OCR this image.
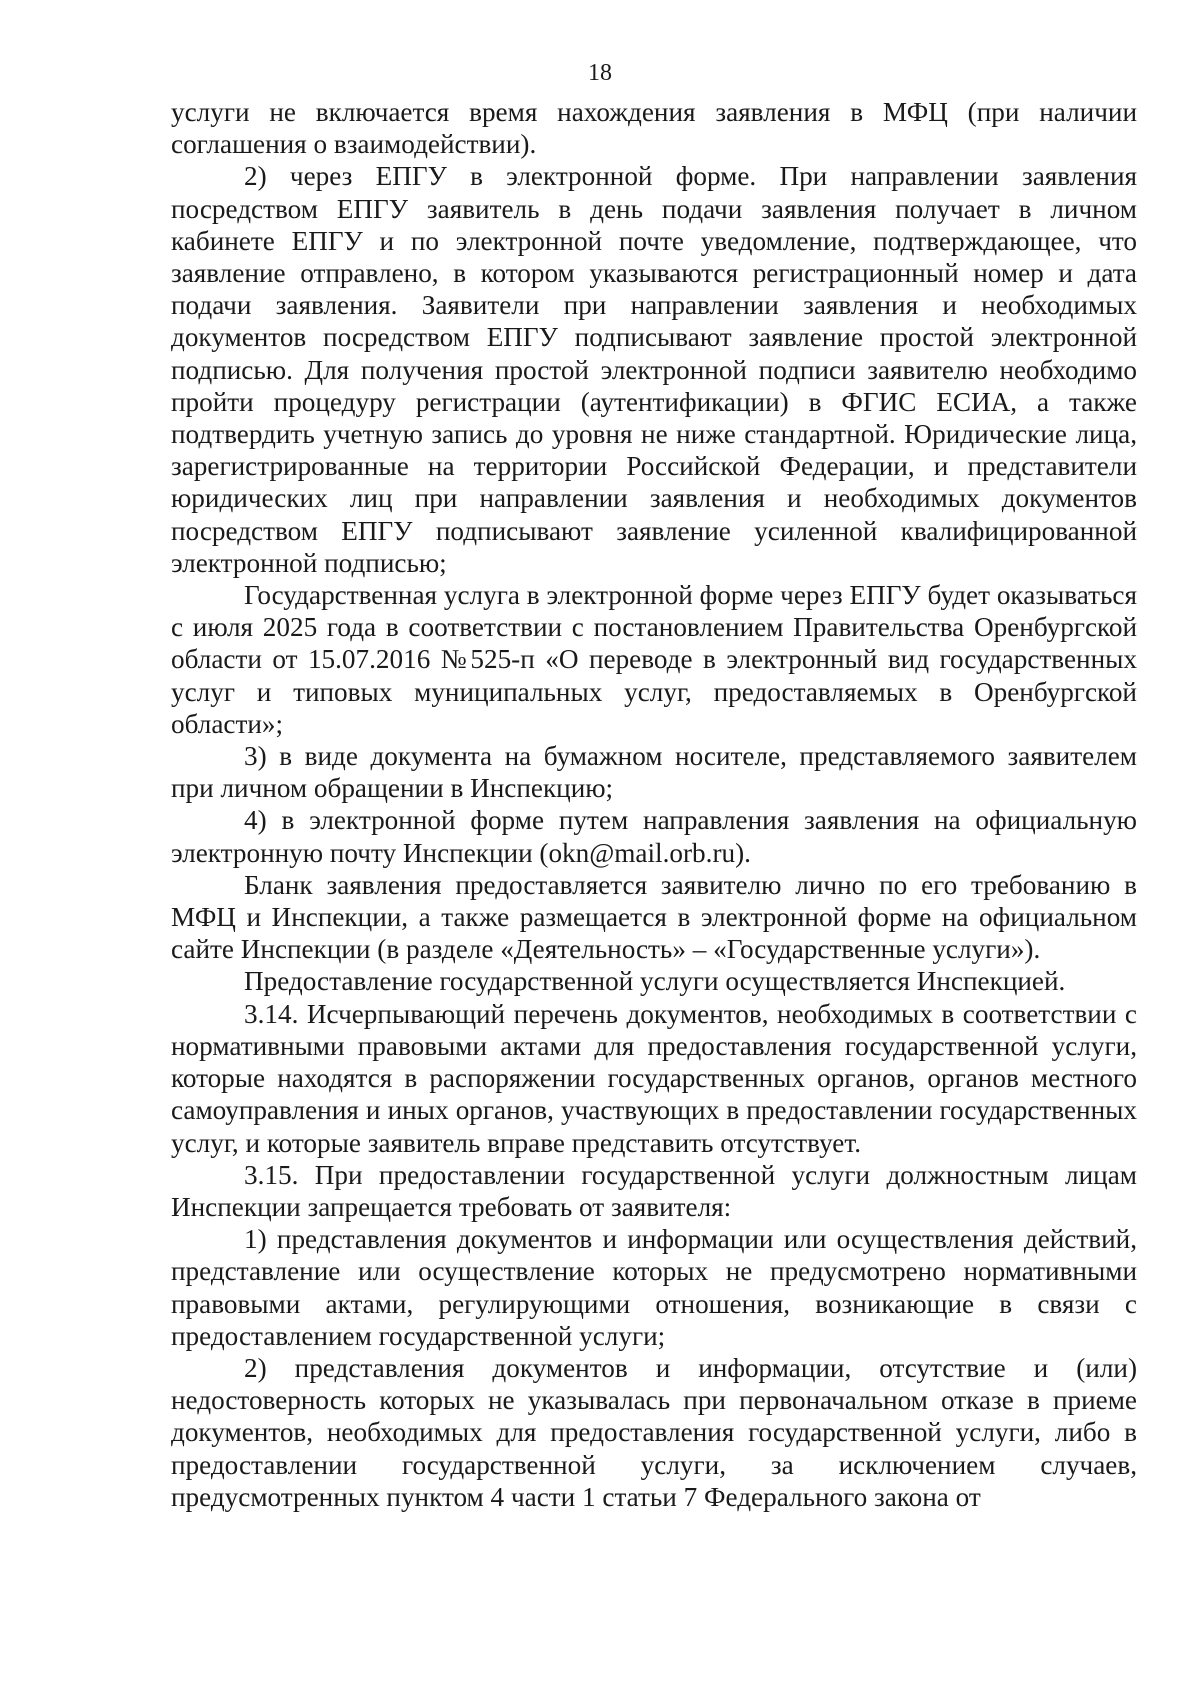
18

услуги не включается время нахождения заявления в МФЦ (при наличии соглашения о взаимодействии).

2) через ЕПГУ в электронной форме. При направлении заявления посредством ЕПГУ заявитель в день подачи заявления получает в личном кабинете ЕПГУ и по электронной почте уведомление, подтверждающее, что заявление отправлено, в котором указываются регистрационный номер и дата подачи заявления. Заявители при направлении заявления и необходимых документов посредством ЕПГУ подписывают заявление простой электронной подписью. Для получения простой электронной подписи заявителю необходимо пройти процедуру регистрации (аутентификации) в ФГИС ЕСИА, а также подтвердить учетную запись до уровня не ниже стандартной. Юридические лица, зарегистрированные на территории Российской Федерации, и представители юридических лиц при направлении заявления и необходимых документов посредством ЕПГУ подписывают заявление усиленной квалифицированной электронной подписью;

Государственная услуга в электронной форме через ЕПГУ будет оказываться с июля 2025 года в соответствии с постановлением Правительства Оренбургской области от 15.07.2016 №525-п «О переводе в электронный вид государственных услуг и типовых муниципальных услуг, предоставляемых в Оренбургской области»;

3) в виде документа на бумажном носителе, представляемого заявителем при личном обращении в Инспекцию;

4) в электронной форме путем направления заявления на официальную электронную почту Инспекции (okn@mail.orb.ru).

Бланк заявления предоставляется заявителю лично по его требованию в МФЦ и Инспекции, а также размещается в электронной форме на официальном сайте Инспекции (в разделе «Деятельность» – «Государственные услуги»).

Предоставление государственной услуги осуществляется Инспекцией.

3.14. Исчерпывающий перечень документов, необходимых в соответствии с нормативными правовыми актами для предоставления государственной услуги, которые находятся в распоряжении государственных органов, органов местного самоуправления и иных органов, участвующих в предоставлении государственных услуг, и которые заявитель вправе представить отсутствует.

3.15. При предоставлении государственной услуги должностным лицам Инспекции запрещается требовать от заявителя:

1) представления документов и информации или осуществления действий, представление или осуществление которых не предусмотрено нормативными правовыми актами, регулирующими отношения, возникающие в связи с предоставлением государственной услуги;

2) представления документов и информации, отсутствие и (или) недостоверность которых не указывалась при первоначальном отказе в приеме документов, необходимых для предоставления государственной услуги, либо в предоставлении государственной услуги, за исключением случаев, предусмотренных пунктом 4 части 1 статьи 7 Федерального закона от
